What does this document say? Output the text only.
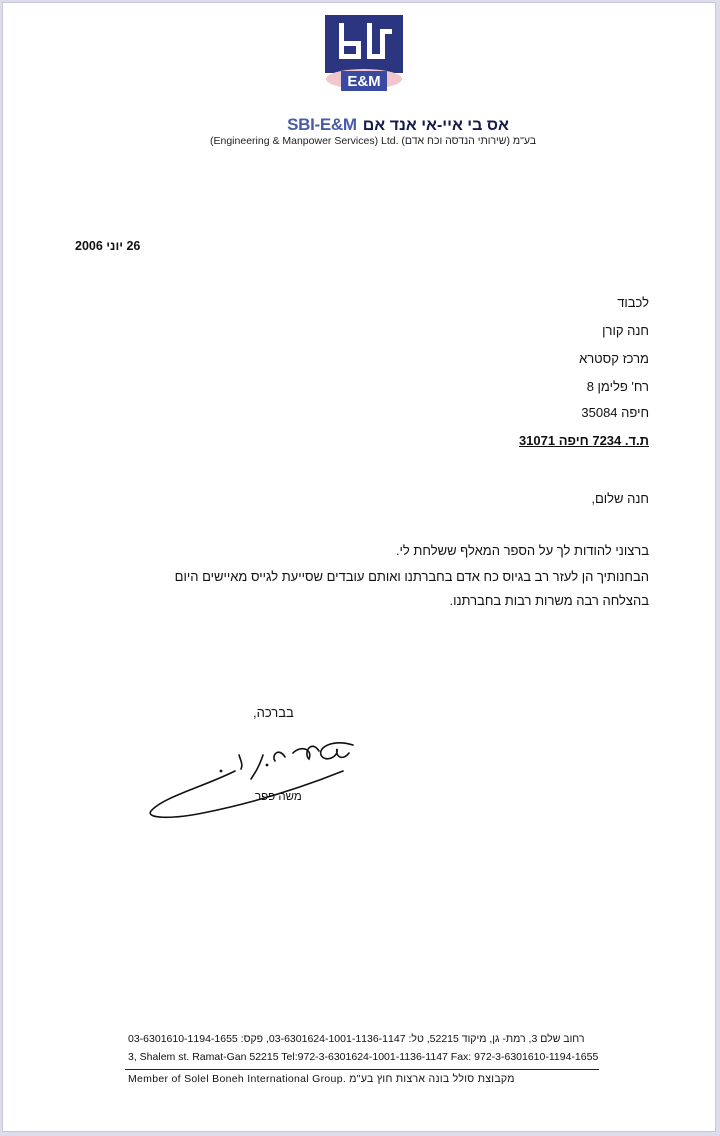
E&M
SBI-E&M אס בי איי-אי אנד אם
(Engineering & Manpower Services) Ltd. (שירותי הנדסה וכח אדם) בע"מ
26 יוני 2006
לכבוד
חנה קורן
מרכז קסטרא
רח' פלימן 8
חיפה 35084
ת.ד. 7234 חיפה 31071
חנה שלום,
ברצוני להודות לך על הספר המאלף ששלחת לי.
הבחנותיך הן לעזר רב בגיוס כח אדם בחברתנו ואותם עובדים שסייעת לגייס מאיישים היום
בהצלחה רבה משרות רבות בחברתנו.
בברכה,
משה פפר
רחוב שלם 3, רמת- גן, מיקוד 52215, טל: 03-6301624-1001-1136-1147, פקס: 03-6301610-1194-1655
3, Shalem st. Ramat-Gan 52215 Tel:972-3-6301624-1001-1136-1147 Fax: 972-3-6301610-1194-1655
Member of Solel Boneh International Group. מקבוצת סולל בונה ארצות חוץ בע"מ
